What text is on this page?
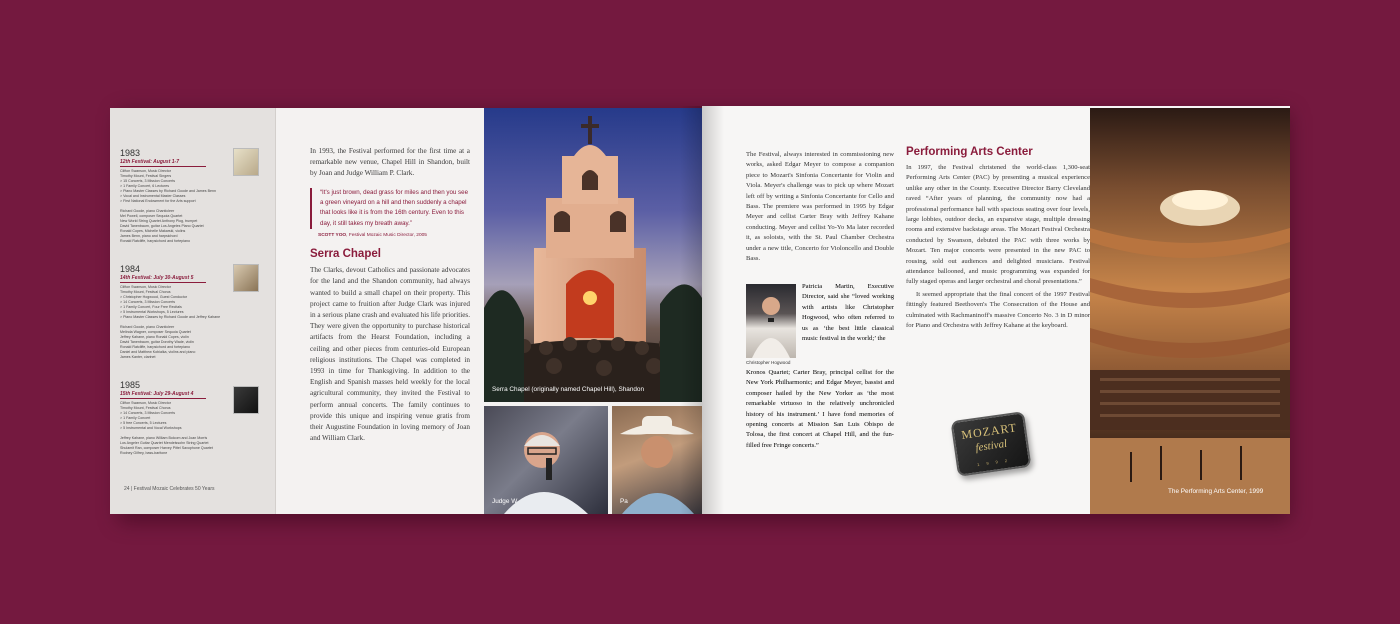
1983
12th Festival: August 1-7
Clifton Swanson, Music Director
Timothy Mount, Festival Singers
> 15 Concerts, 3 Mission Concerts
> 1 Family Concert, 6 Lectures
> Piano Master Classes by Richard Goode and James Benn
> Vocal and Instrumental Master Classes
> First National Endowment for the Arts support

Richard Goode, piano Chanticleer
Mel Powell, composer Sequoia Quartet
New World String Quartet Anthony Plog, trumpet
David Tanenbaum, guitar Los Angeles Piano Quartet
Ronald Copes, Michelle Makarski, violins
James Benn, piano and harpsichord
Ronald Ratcliffe, harpsichord and fortepiano
1984
14th Festival: July 30-August 5
Clifton Swanson, Music Director
Timothy Mount, Festival Chorus
> Christopher Hogwood, Guest Conductor
> 14 Concerts, 3 Mission Concerts
> 1 Family Concert, Four Free Recitals
> 5 Instrumental Workshops, 5 Lectures
> Piano Master Classes by Richard Goode and Jeffrey Kahane

Richard Goode, piano Chanticleer
Melinda Wagner, composer Sequoia Quartet
Jeffrey Kahane, piano Ronald Copes, violin
David Tanenbaum, guitar Dorothy Wade, violin
Ronald Ratcliffe, harpsichord and fortepiano
Daniel and Matthew Kobialka, violins and piano
James Kanter, clarinet
1985
15th Festival: July 29-August 4
Clifton Swanson, Music Director
Timothy Mount, Festival Chorus
> 14 Concerts, 3 Mission Concerts
> 1 Family Concert
> 5 free Concerts, 5 Lectures
> 5 Instrumental and Vocal Workshops

Jeffrey Kahane, piano William Bolcom and Joan Morris
Los Angeler Guitar Quartet Mendelssohn String Quartet
Shulamit Ran, composer Harvey Pittel Saxophone Quartet
Rodney Gilfrey, bass-baritone
24 | Festival Mozaic Celebrates 50 Years
In 1993, the Festival performed for the first time at a remarkable new venue, Chapel Hill in Shandon, built by Joan and Judge William P. Clark.
“It's just brown, dead grass for miles and then you see a green vineyard on a hill and then suddenly a chapel that looks like it is from the 16th century. Even to this day, it still takes my breath away.”
SCOTT YOO, Festival Mozaic Music Director, 2005
Serra Chapel
The Clarks, devout Catholics and passionate advocates for the land and the Shandon community, had always wanted to build a small chapel on their property. This project came to fruition after Judge Clark was injured in a serious plane crash and evaluated his life priorities. They were given the opportunity to purchase historical artifacts from the Hearst Foundation, including a ceiling and other pieces from centuries-old European religious institutions. The Chapel was completed in 1993 in time for Thanksgiving. In addition to the English and Spanish masses held weekly for the local agricultural community, they invited the Festival to perform annual concerts. The family continues to provide this unique and inspiring venue gratis from their Augustine Foundation in loving memory of Joan and William Clark.
Serra Chapel (originally named Chapel Hill), Shandon
Judge W	Pa
The Festival, always interested in commissioning new works, asked Edgar Meyer to compose a companion piece to Mozart's Sinfonia Concertante for Violin and Viola. Meyer's challenge was to pick up where Mozart left off by writing a Sinfonia Concertante for Cello and Bass. The premiere was performed in 1995 by Edgar Meyer and cellist Carter Bray with Jeffrey Kahane conducting. Meyer and cellist Yo-Yo Ma later recorded it, as soloists, with the St. Paul Chamber Orchestra under a new title, Concerto for Violoncello and Double Bass.
Christopher Hogwood
Patricia Martin, Executive Director, said she “loved working with artists like Christopher Hogwood, who often referred to us as ‘the best little classical music festival in the world;’ the
Kronos Quartet; Carter Bray, principal cellist for the New York Philharmonic; and Edgar Meyer, bassist and composer hailed by the New Yorker as ‘the most remarkable virtuoso in the relatively unchronicled history of his instrument.’ I have fond memories of opening concerts at Mission San Luis Obispo de Tolosa, the first concert at Chapel Hill, and the fun-filled free Fringe concerts.”
Performing Arts Center
In 1997, the Festival christened the world-class 1,300-seat Performing Arts Center (PAC) by presenting a musical experience unlike any other in the County. Executive Director Barry Cleveland raved “After years of planning, the community now had a professional performance hall with spacious seating over four levels, large lobbies, outdoor decks, an expansive stage, multiple dressing rooms and extensive backstage areas. The Mozart Festival Orchestra conducted by Swanson, debuted the PAC with three works by Mozart. Ten major concerts were presented in the new PAC to rousing, sold out audiences and delighted musicians. Festival attendance ballooned, and music programming was expanded for fully staged operas and larger orchestral and choral presentations.”
It seemed appropriate that the final concert of the 1997 Festival fittingly featured Beethoven's The Consecration of the House and culminated with Rachmaninoff's massive Concerto No. 3 in D minor for Piano and Orchestra with Jeffrey Kahane at the keyboard.
MOZART
festival
1 9 9 2
The Performing Arts Center, 1999
